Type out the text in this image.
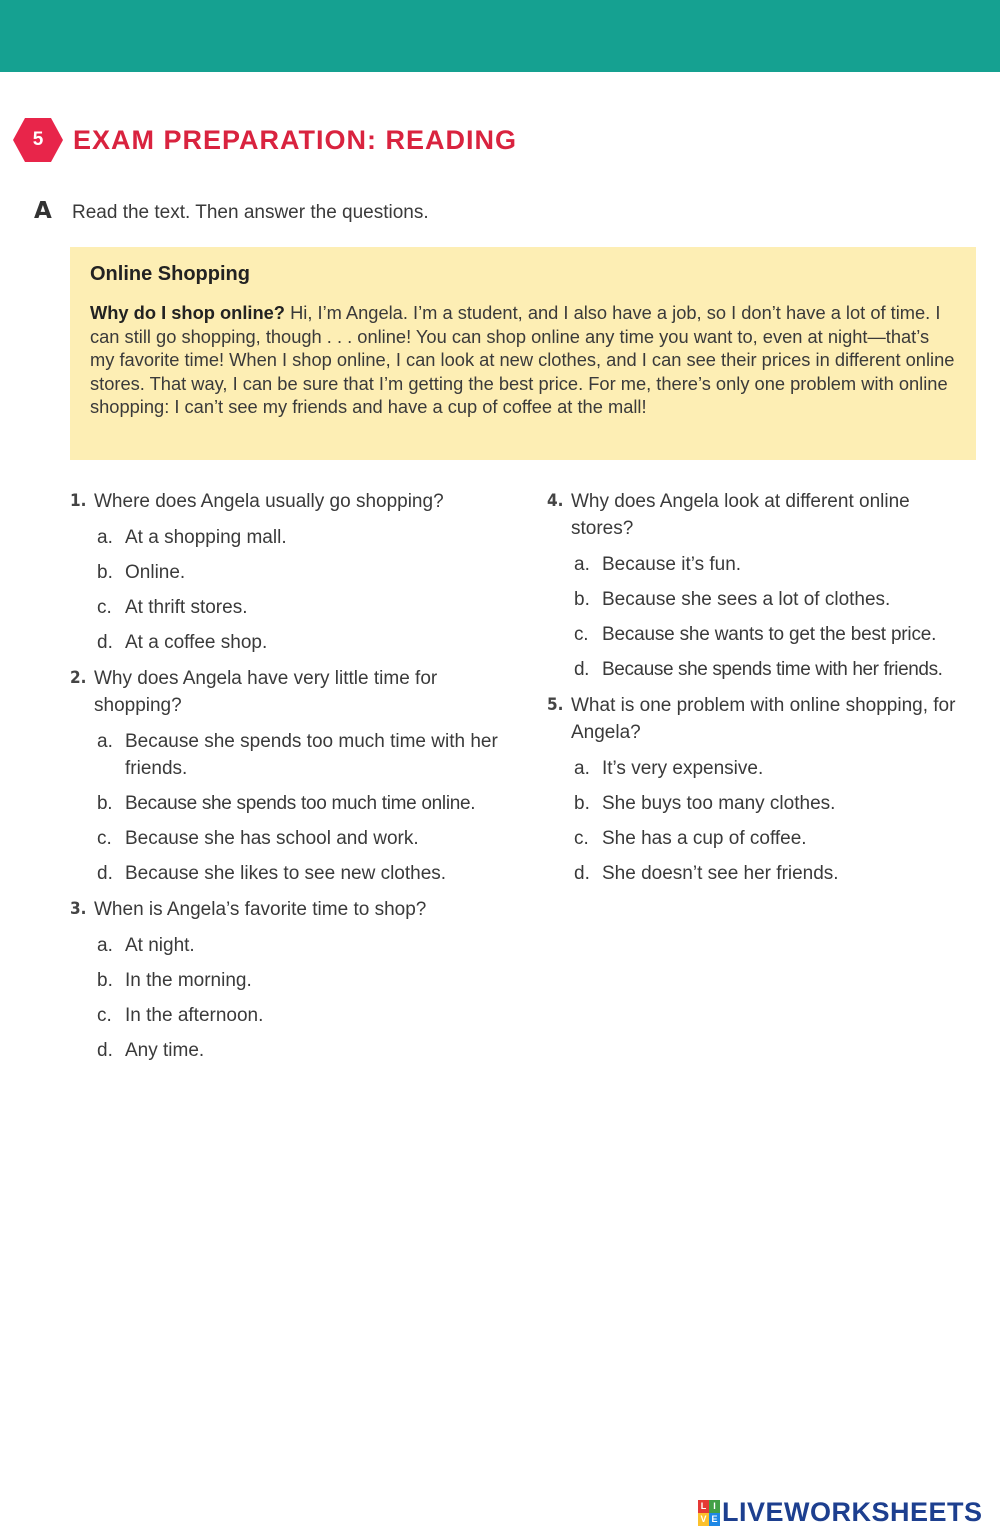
5	EXAM PREPARATION: READING
A	Read the text. Then answer the questions.
Online Shopping
Why do I shop online? Hi, I’m Angela. I’m a student, and I also have a job, so I don’t have a lot of time. I can still go shopping, though . . . online! You can shop online any time you want to, even at night—that’s my favorite time! When I shop online, I can look at new clothes, and I can see their prices in different online stores. That way, I can be sure that I’m getting the best price. For me, there’s only one problem with online shopping: I can’t see my friends and have a cup of coffee at the mall!
1. Where does Angela usually go shopping?
a. At a shopping mall.
b. Online.
c. At thrift stores.
d. At a coffee shop.
2. Why does Angela have very little time for shopping?
a. Because she spends too much time with her friends.
b. Because she spends too much time online.
c. Because she has school and work.
d. Because she likes to see new clothes.
3. When is Angela’s favorite time to shop?
a. At night.
b. In the morning.
c. In the afternoon.
d. Any time.
4. Why does Angela look at different online stores?
a. Because it’s fun.
b. Because she sees a lot of clothes.
c. Because she wants to get the best price.
d. Because she spends time with her friends.
5. What is one problem with online shopping, for Angela?
a. It’s very expensive.
b. She buys too many clothes.
c. She has a cup of coffee.
d. She doesn’t see her friends.
L I
V E LIVEWORKSHEETS
